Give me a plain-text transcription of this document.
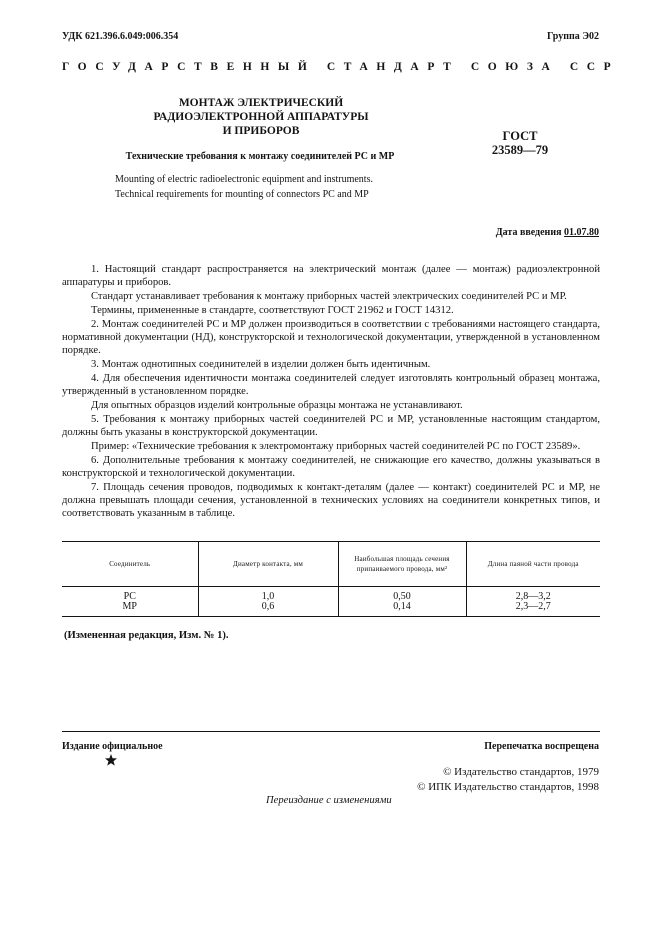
УДК 621.396.6.049:006.354	Группа Э02
ГОСУДАРСТВЕННЫЙ СТАНДАРТ СОЮЗА ССР
МОНТАЖ ЭЛЕКТРИЧЕСКИЙ
РАДИОЭЛЕКТРОННОЙ АППАРАТУРЫ
И ПРИБОРОВ	ГОСТ
23589—79
Технические требования к монтажу соединителей РС и МР
Mounting of electric radioelectronic equipment and instruments.
Technical requirements for mounting of connectors PC and MP
Дата введения 01.07.80

1. Настоящий стандарт распространяется на электрический монтаж (далее — монтаж) радиоэлектронной аппаратуры и приборов.

Стандарт устанавливает требования к монтажу приборных частей электрических соединителей РС и МР.

Термины, примененные в стандарте, соответствуют ГОСТ 21962 и ГОСТ 14312.

2. Монтаж соединителей РС и МР должен производиться в соответствии с требованиями настоящего стандарта, нормативной документации (НД), конструкторской и технологической документации, утвержденной в установленном порядке.

3. Монтаж однотипных соединителей в изделии должен быть идентичным.

4. Для обеспечения идентичности монтажа соединителей следует изготовлять контрольный образец монтажа, утвержденный в установленном порядке.

Для опытных образцов изделий контрольные образцы монтажа не устанавливают.

5. Требования к монтажу приборных частей соединителей РС и МР, установленные настоящим стандартом, должны быть указаны в конструкторской документации.

Пример: «Технические требования к электромонтажу приборных частей соединителей РС по ГОСТ 23589».

6. Дополнительные требования к монтажу соединителей, не снижающие его качество, должны указываться в конструкторской и технологической документации.

7. Площадь сечения проводов, подводимых к контакт-деталям (далее — контакт) соединителей РС и МР, не должна превышать площади сечения, установленной в технических условиях на соединители конкретных типов, и соответствовать указанным в таблице.

Соединитель	Диаметр контакта, мм	Наибольшая площадь сечения припаиваемого провода, мм²	Длина паяной части провода
РС	1,0	0,50	2,8—3,2
МР	0,6	0,14	2,3—2,7
(Измененная редакция, Изм. № 1).
Издание официальное	Перепечатка воспрещена
© Издательство стандартов, 1979
© ИПК Издательство стандартов, 1998
Переиздание с изменениями
